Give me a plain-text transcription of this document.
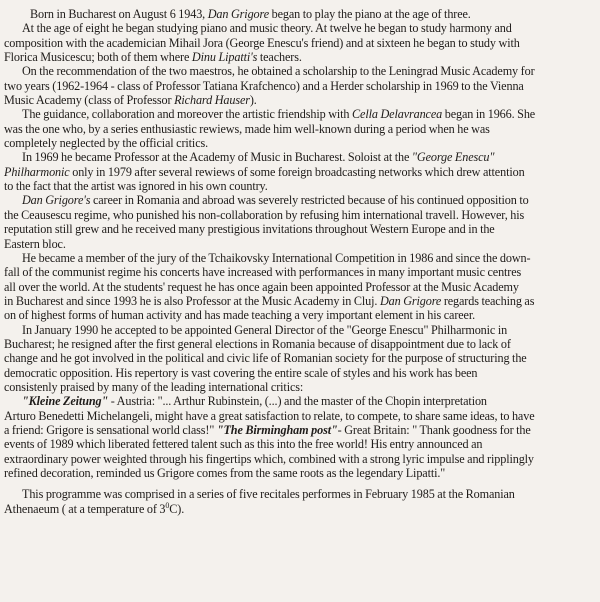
Born in Bucharest on August 6 1943, Dan Grigore began to play the piano at the age of three.
At the age of eight he began studying piano and music theory. At twelve he began to study harmony and
composition with the academician Mihail Jora (George Enescu's friend) and at sixteen he began to study with
Florica Musicescu; both of them where Dinu Lipatti's teachers.
On the recommendation of the two maestros, he obtained a scholarship to the Leningrad Music Academy for
two years (1962-1964 - class of Professor Tatiana Krafchenco) and a Herder scholarship in 1969 to the Vienna
Music Academy (class of Professor Richard Hauser).
The guidance, collaboration and moreover the artistic friendship with Cella Delavrancea began in 1966. She
was the one who, by a series enthusiastic rewiews, made him well-known during a period when he was
completely neglected by the official critics.
In 1969 he became Professor at the Academy of Music in Bucharest. Soloist at the "George Enescu"
Philharmonic only in 1979 after several rewiews of some foreign broadcasting networks which drew attention
to the fact that the artist was ignored in his own country.
Dan Grigore's career in Romania and abroad was severely restricted because of his continued opposition to
the Ceausescu regime, who punished his non-collaboration by refusing him international travell. However, his
reputation still grew and he received many prestigious invitations throughout Western Europe and in the
Eastern bloc.
He became a member of the jury of the Tchaikovsky International Competition in 1986 and since the down-
fall of the communist regime his concerts have increased with performances in many important music centres
all over the world. At the students' request he has once again been appointed Professor at the Music Academy
in Bucharest and since 1993 he is also Professor at the Music Academy in Cluj. Dan Grigore regards teaching as
on of highest forms of human activity and has made teaching a very important element in his career.
In January 1990 he accepted to be appointed General Director of the "George Enescu" Philharmonic in
Bucharest; he resigned after the first general elections in Romania because of disappointment due to lack of
change and he got involved in the political and civic life of Romanian society for the purpose of structuring the
democratic opposition. His repertory is vast covering the entire scale of styles and his work has been
consistenly praised by many of the leading international critics:
"Kleine Zeitung" - Austria: "... Arthur Rubinstein, (...) and the master of the Chopin interpretation
Arturo Benedetti Michelangeli, might have a great satisfaction to relate, to compete, to share same ideas, to have
a friend: Grigore is sensational world class!" "The Birmingham post"- Great Britain: " Thank goodness for the
events of 1989 which liberated fettered talent such as this into the free world! His entry announced an
extraordinary power weighted through his fingertips which, combined with a strong lyric impulse and ripplingly
refined decoration, reminded us Grigore comes from the same roots as the legendary Lipatti."
This programme was comprised in a series of five recitales performes in February 1985 at the Romanian
Athenaeum ( at a temperature of $3^0C$).
